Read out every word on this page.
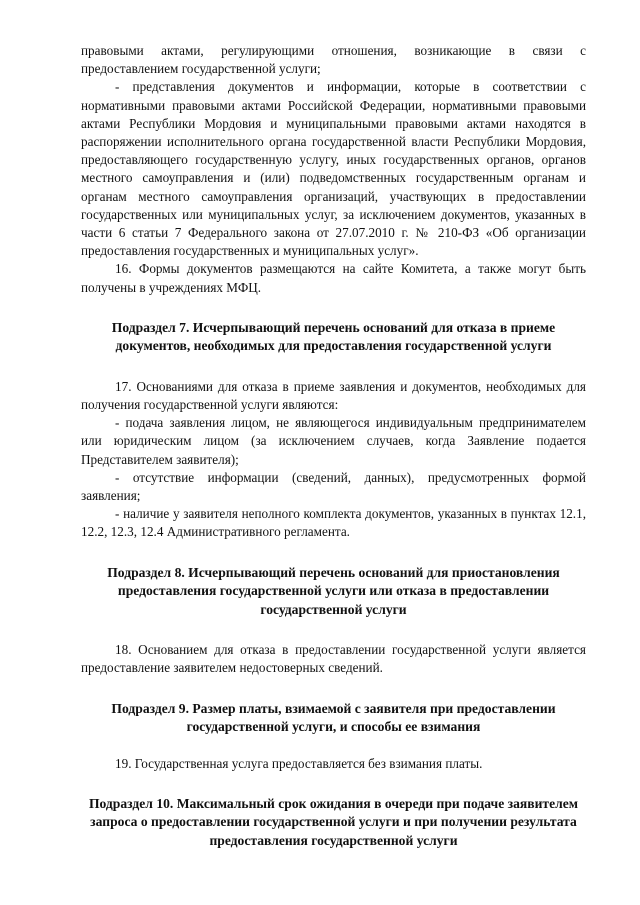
правовыми актами, регулирующими отношения, возникающие в связи с предоставлением государственной услуги;

- представления документов и информации, которые в соответствии с нормативными правовыми актами Российской Федерации, нормативными правовыми актами Республики Мордовия и муниципальными правовыми актами находятся в распоряжении исполнительного органа государственной власти Республики Мордовия, предоставляющего государственную услугу, иных государственных органов, органов местного самоуправления и (или) подведомственных государственным органам и органам местного самоуправления организаций, участвующих в предоставлении государственных или муниципальных услуг, за исключением документов, указанных в части 6 статьи 7 Федерального закона от 27.07.2010 г. № 210-ФЗ «Об организации предоставления государственных и муниципальных услуг».

16. Формы документов размещаются на сайте Комитета, а также могут быть получены в учреждениях МФЦ.

Подраздел 7. Исчерпывающий перечень оснований для отказа в приеме документов, необходимых для предоставления государственной услуги

17. Основаниями для отказа в приеме заявления и документов, необходимых для получения государственной услуги являются:

- подача заявления лицом, не являющегося индивидуальным предпринимателем или юридическим лицом (за исключением случаев, когда Заявление подается Представителем заявителя);

- отсутствие информации (сведений, данных), предусмотренных формой заявления;

- наличие у заявителя неполного комплекта документов, указанных в пунктах 12.1, 12.2, 12.3, 12.4 Административного регламента.

Подраздел 8. Исчерпывающий перечень оснований для приостановления предоставления государственной услуги или отказа в предоставлении государственной услуги

18. Основанием для отказа в предоставлении государственной услуги является предоставление заявителем недостоверных сведений.

Подраздел 9. Размер платы, взимаемой с заявителя при предоставлении государственной услуги, и способы ее взимания

19. Государственная услуга предоставляется без взимания платы.

Подраздел 10. Максимальный срок ожидания в очереди при подаче заявителем запроса о предоставлении государственной услуги и при получении результата предоставления государственной услуги
